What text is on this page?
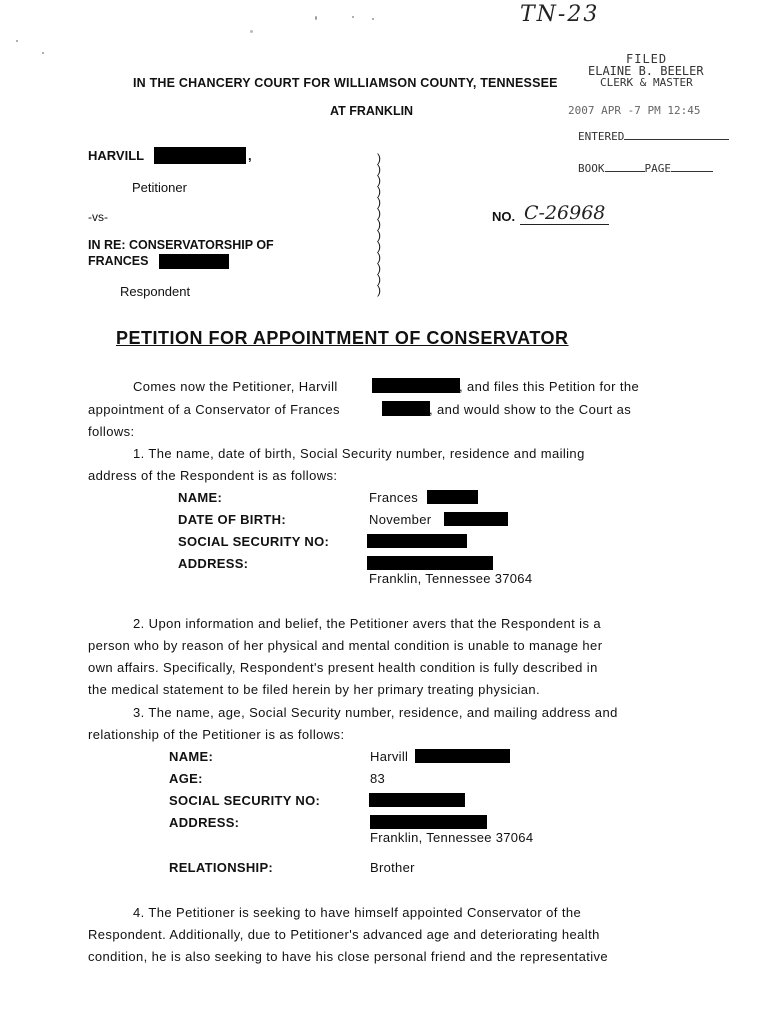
TN-23
FILED
ELAINE B. BEELER
CLERK & MASTER
2007 APR -7 PM 12:45
ENTERED
BOOK	PAGE
IN THE CHANCERY COURT FOR WILLIAMSON COUNTY, TENNESSEE
AT FRANKLIN
HARVILL	,
Petitioner
-vs-
IN RE: CONSERVATORSHIP OF
FRANCES
Respondent
)
)
)
)
)
)
)
)
)
)
)
)
)
NO. C-26968
PETITION FOR APPOINTMENT OF CONSERVATOR
Comes now the Petitioner, Harvill	, and files this Petition for the
appointment of a Conservator of Frances	, and would show to the Court as
follows:
1. The name, date of birth, Social Security number, residence and mailing
address of the Respondent is as follows:
NAME:	Frances
DATE OF BIRTH:	November
SOCIAL SECURITY NO:
ADDRESS:
Franklin, Tennessee 37064
2. Upon information and belief, the Petitioner avers that the Respondent is a
person who by reason of her physical and mental condition is unable to manage her
own affairs. Specifically, Respondent's present health condition is fully described in
the medical statement to be filed herein by her primary treating physician.
3. The name, age, Social Security number, residence, and mailing address and
relationship of the Petitioner is as follows:
NAME:	Harvill
AGE:	83
SOCIAL SECURITY NO:
ADDRESS:
Franklin, Tennessee 37064
RELATIONSHIP:	Brother
4. The Petitioner is seeking to have himself appointed Conservator of the
Respondent. Additionally, due to Petitioner's advanced age and deteriorating health
condition, he is also seeking to have his close personal friend and the representative
